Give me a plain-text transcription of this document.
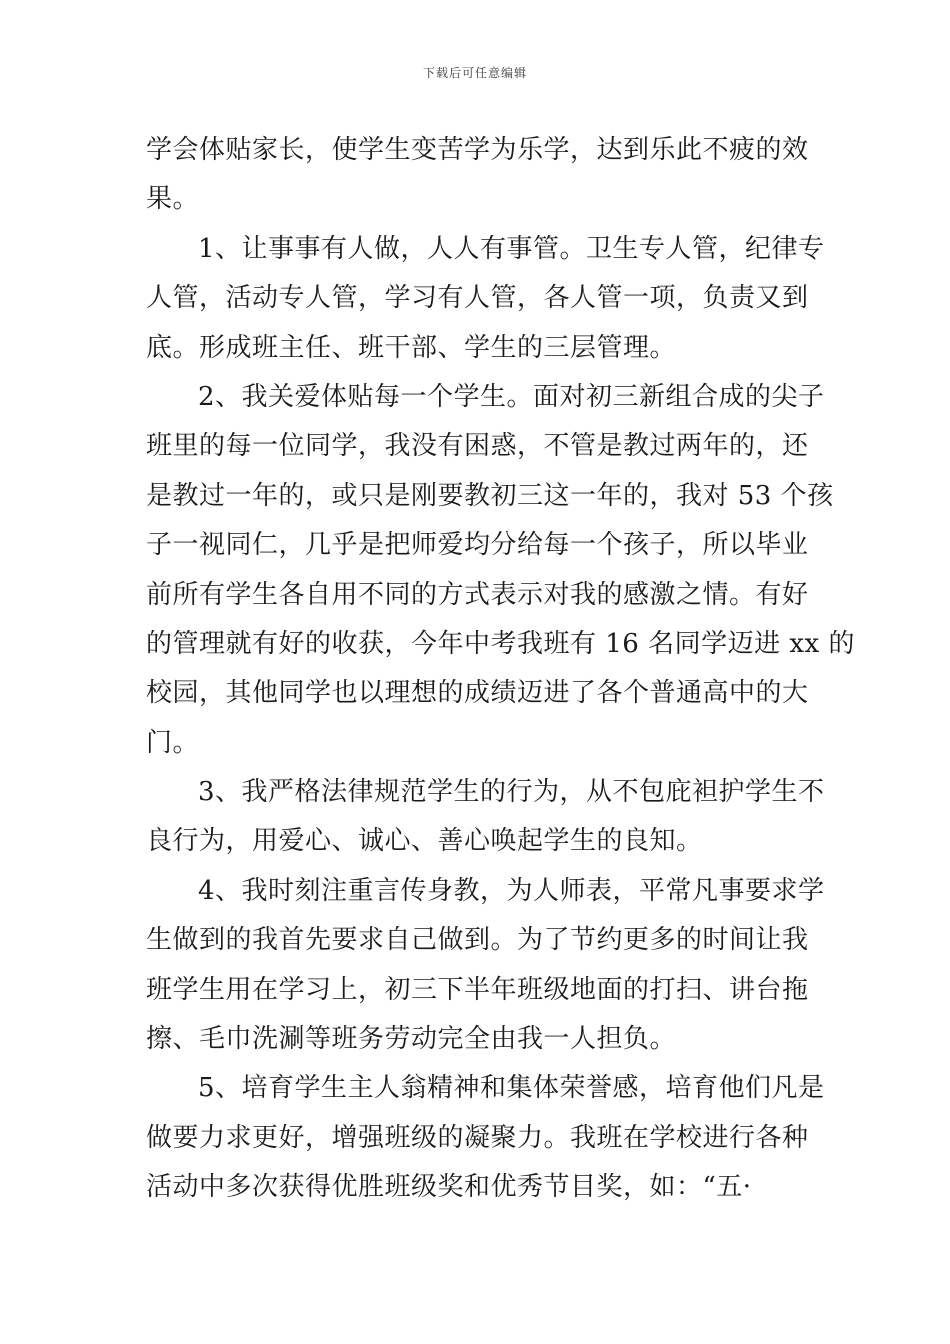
下载后可任意编辑
学会体贴家长，使学生变苦学为乐学，达到乐此不疲的效
果。
1、让事事有人做，人人有事管。卫生专人管，纪律专
人管，活动专人管，学习有人管，各人管一项，负责又到
底。形成班主任、班干部、学生的三层管理。
2、我关爱体贴每一个学生。面对初三新组合成的尖子
班里的每一位同学，我没有困惑，不管是教过两年的，还
是教过一年的，或只是刚要教初三这一年的，我对 53 个孩
子一视同仁，几乎是把师爱均分给每一个孩子，所以毕业
前所有学生各自用不同的方式表示对我的感激之情。有好
的管理就有好的收获，今年中考我班有 16 名同学迈进 xx 的
校园，其他同学也以理想的成绩迈进了各个普通高中的大
门。
3、我严格法律规范学生的行为，从不包庇袒护学生不
良行为，用爱心、诚心、善心唤起学生的良知。
4、我时刻注重言传身教，为人师表，平常凡事要求学
生做到的我首先要求自己做到。为了节约更多的时间让我
班学生用在学习上，初三下半年班级地面的打扫、讲台拖
擦、毛巾洗涮等班务劳动完全由我一人担负。
5、培育学生主人翁精神和集体荣誉感，培育他们凡是
做要力求更好，增强班级的凝聚力。我班在学校进行各种
活动中多次获得优胜班级奖和优秀节目奖，如：“五·
